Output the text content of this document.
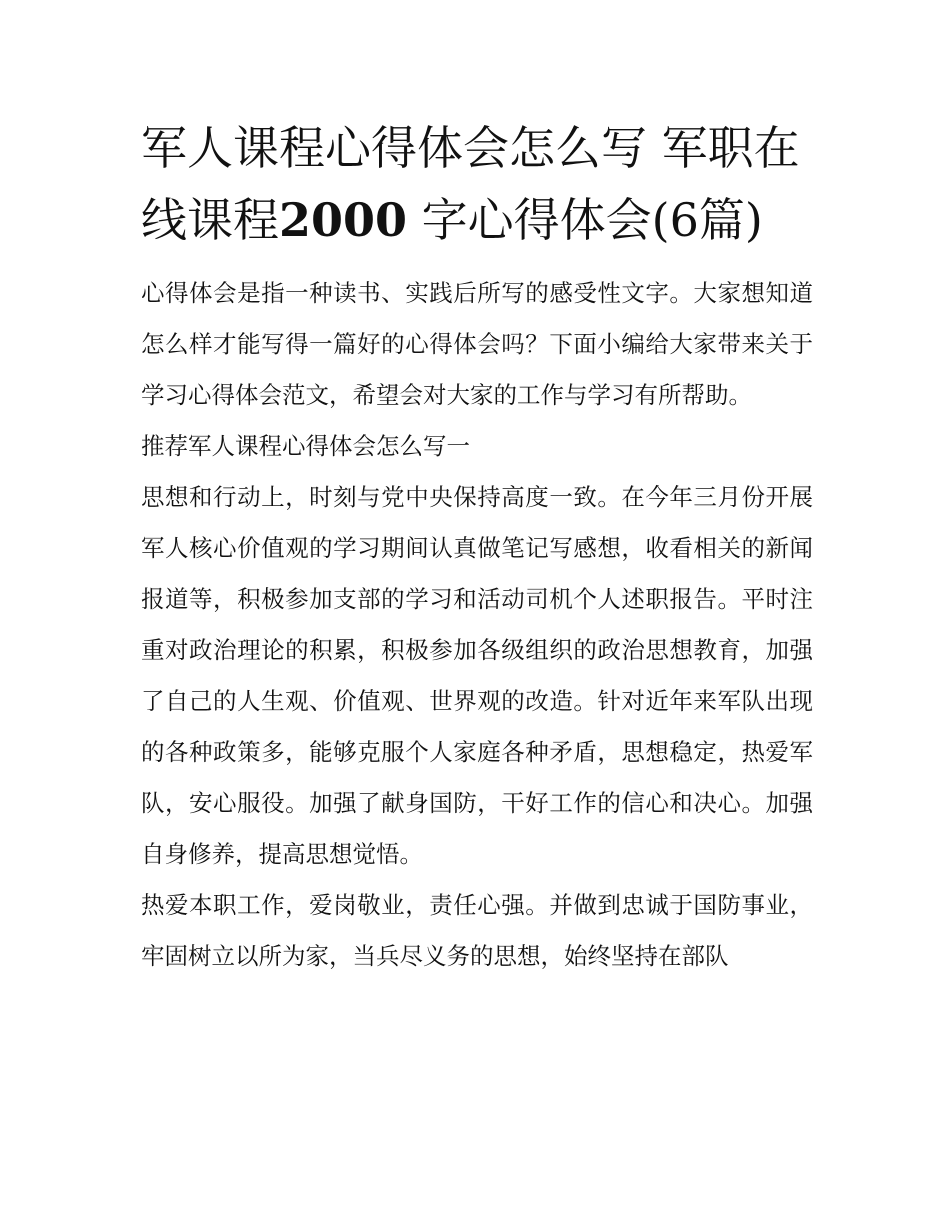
军人课程心得体会怎么写 军职在线课程2000 字心得体会(6篇)

心得体会是指一种读书、实践后所写的感受性文字。大家想知道怎么样才能写得一篇好的心得体会吗？下面小编给大家带来关于学习心得体会范文，希望会对大家的工作与学习有所帮助。

推荐军人课程心得体会怎么写一

思想和行动上，时刻与党中央保持高度一致。在今年三月份开展军人核心价值观的学习期间认真做笔记写感想，收看相关的新闻报道等，积极参加支部的学习和活动司机个人述职报告。平时注重对政治理论的积累，积极参加各级组织的政治思想教育，加强了自己的人生观、价值观、世界观的改造。针对近年来军队出现的各种政策多，能够克服个人家庭各种矛盾，思想稳定，热爱军队，安心服役。加强了献身国防，干好工作的信心和决心。加强自身修养，提高思想觉悟。

热爱本职工作，爱岗敬业，责任心强。并做到忠诚于国防事业，牢固树立以所为家，当兵尽义务的思想，始终坚持在部队
